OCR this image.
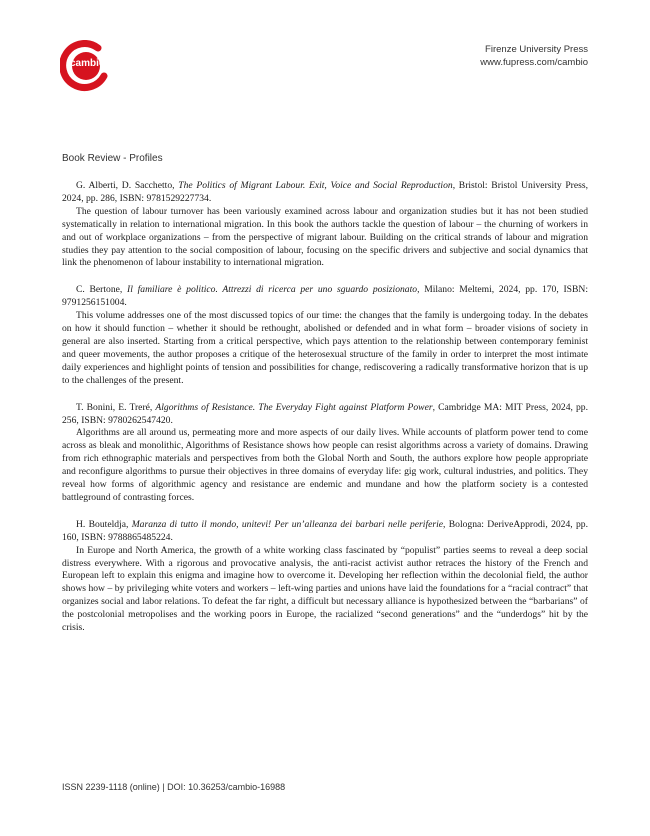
cambio
Firenze University Press
www.fupress.com/cambio
Book Review - Profiles

G. Alberti, D. Sacchetto, The Politics of Migrant Labour. Exit, Voice and Social Reproduction, Bristol: Bristol University Press, 2024, pp. 286, ISBN: 9781529227734.

The question of labour turnover has been variously examined across labour and organization studies but it has not been studied systematically in relation to international migration. In this book the authors tackle the question of labour – the churning of workers in and out of workplace organizations – from the perspective of migrant labour. Building on the critical strands of labour and migration studies they pay attention to the social composition of labour, focusing on the specific drivers and subjective and social dynamics that link the phenomenon of labour instability to international migration.

C. Bertone, Il familiare è politico. Attrezzi di ricerca per uno sguardo posizionato, Milano: Meltemi, 2024, pp. 170, ISBN: 9791256151004.

This volume addresses one of the most discussed topics of our time: the changes that the family is undergoing today. In the debates on how it should function – whether it should be rethought, abolished or defended and in what form – broader visions of society in general are also inserted. Starting from a critical perspective, which pays attention to the relationship between contemporary feminist and queer movements, the author proposes a critique of the heterosexual structure of the family in order to interpret the most intimate daily experiences and highlight points of tension and possibilities for change, rediscovering a radically transformative horizon that is up to the challenges of the present.

T. Bonini, E. Treré, Algorithms of Resistance. The Everyday Fight against Platform Power, Cambridge MA: MIT Press, 2024, pp. 256, ISBN: 9780262547420.

Algorithms are all around us, permeating more and more aspects of our daily lives. While accounts of platform power tend to come across as bleak and monolithic, Algorithms of Resistance shows how people can resist algorithms across a variety of domains. Drawing from rich ethnographic materials and perspectives from both the Global North and South, the authors explore how people appropriate and reconfigure algorithms to pursue their objectives in three domains of everyday life: gig work, cultural industries, and politics. They reveal how forms of algorithmic agency and resistance are endemic and mundane and how the platform society is a contested battleground of contrasting forces.

H. Bouteldja, Maranza di tutto il mondo, unitevi! Per un’alleanza dei barbari nelle periferie, Bologna: DeriveApprodi, 2024, pp. 160, ISBN: 9788865485224.

In Europe and North America, the growth of a white working class fascinated by “populist” parties seems to reveal a deep social distress everywhere. With a rigorous and provocative analysis, the anti-racist activist author retraces the history of the French and European left to explain this enigma and imagine how to overcome it. Developing her reflection within the decolonial field, the author shows how – by privileging white voters and workers – left-wing parties and unions have laid the foundations for a “racial contract” that organizes social and labor relations. To defeat the far right, a difficult but necessary alliance is hypothesized between the “barbarians” of the postcolonial metropolises and the working poors in Europe, the racialized “second generations” and the “underdogs” hit by the crisis.

ISSN 2239-1118 (online) | DOI: 10.36253/cambio-16988
